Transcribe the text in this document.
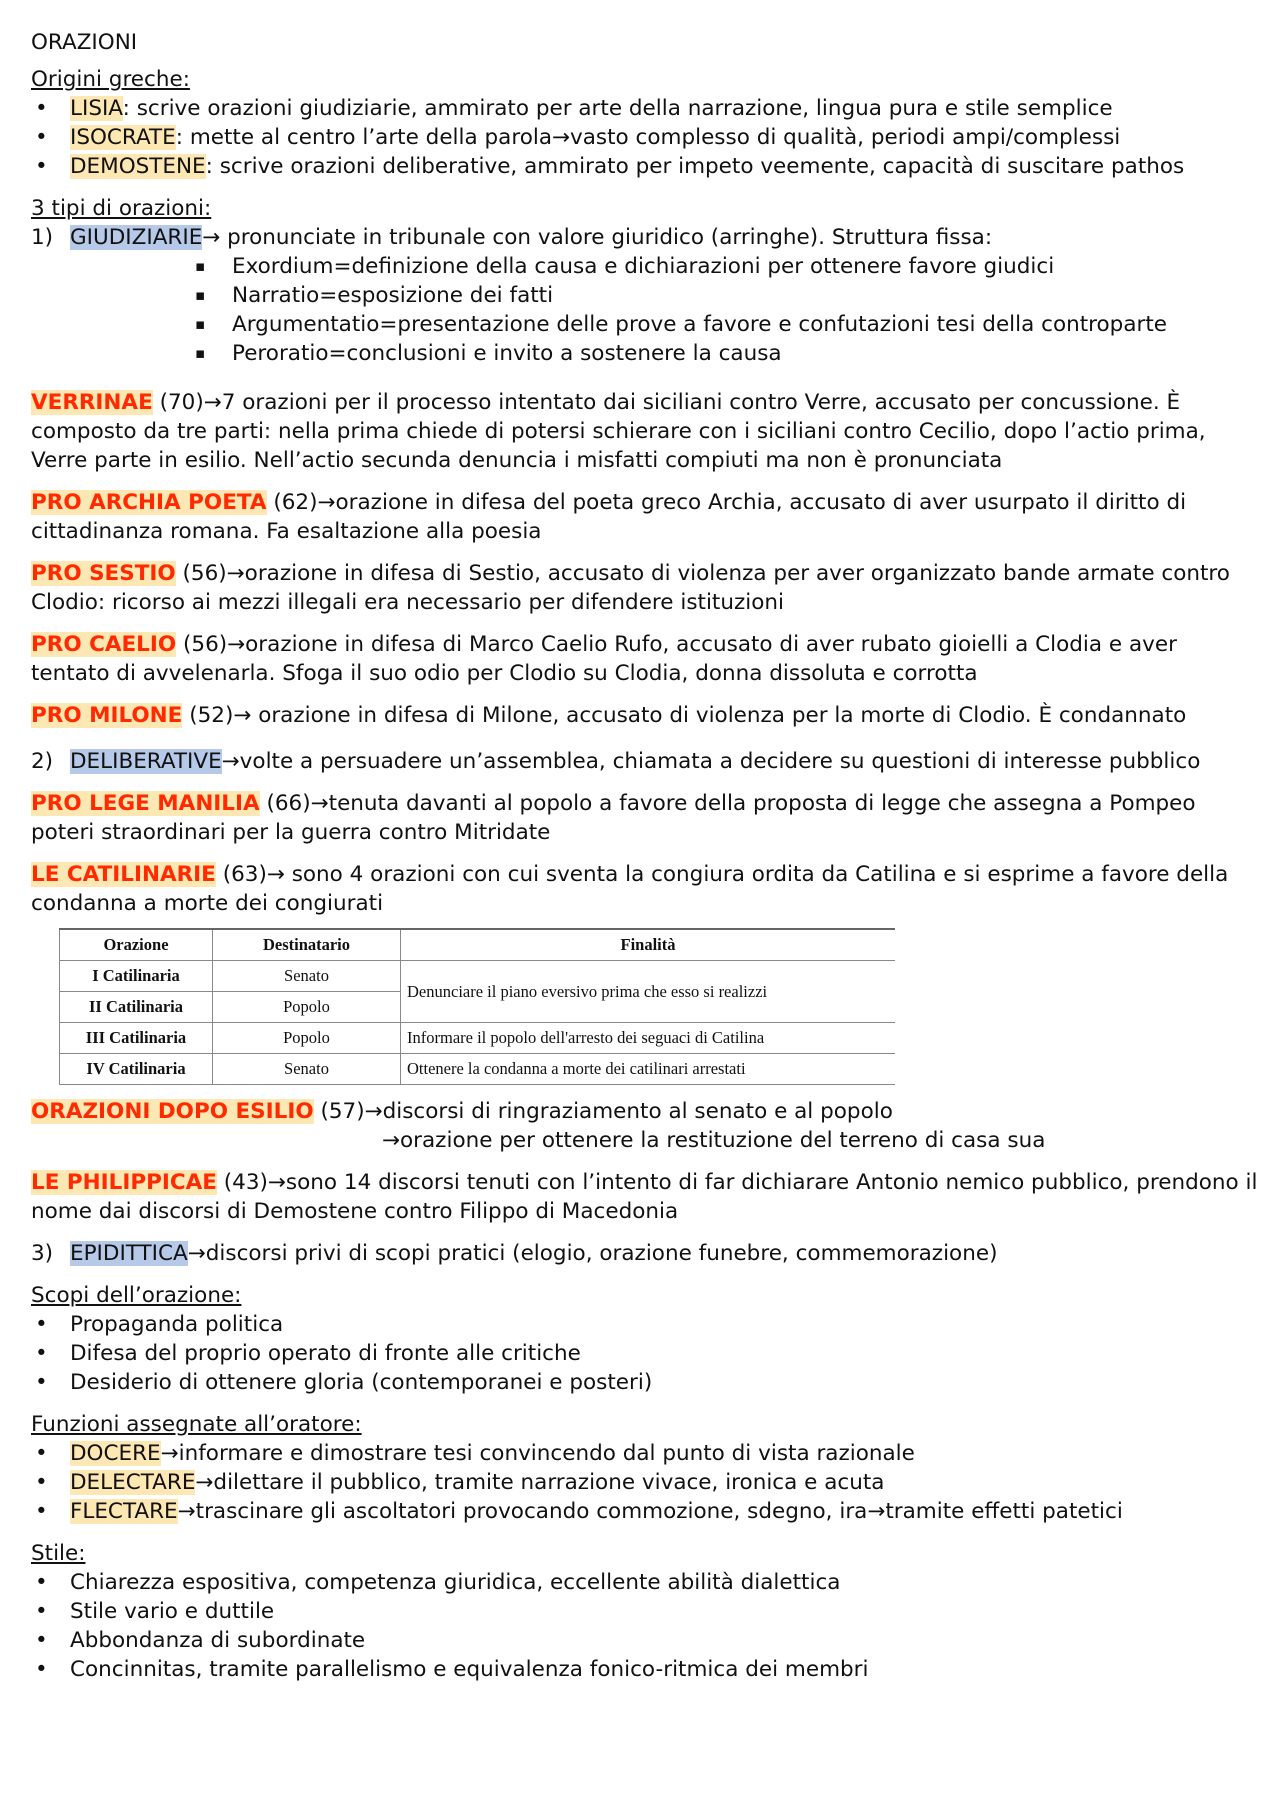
ORAZIONI
Origini greche:
• LISIA: scrive orazioni giudiziarie, ammirato per arte della narrazione, lingua pura e stile semplice
• ISOCRATE: mette al centro l’arte della parola→vasto complesso di qualità, periodi ampi/complessi
• DEMOSTENE: scrive orazioni deliberative, ammirato per impeto veemente, capacità di suscitare pathos
3 tipi di orazioni:
1) GIUDIZIARIE→ pronunciate in tribunale con valore giuridico (arringhe). Struttura fissa:
▪ Exordium=definizione della causa e dichiarazioni per ottenere favore giudici
▪ Narratio=esposizione dei fatti
▪ Argumentatio=presentazione delle prove a favore e confutazioni tesi della controparte
▪ Peroratio=conclusioni e invito a sostenere la causa
VERRINAE (70)→7 orazioni per il processo intentato dai siciliani contro Verre, accusato per concussione. È composto da tre parti: nella prima chiede di potersi schierare con i siciliani contro Cecilio, dopo l’actio prima, Verre parte in esilio. Nell’actio secunda denuncia i misfatti compiuti ma non è pronunciata
PRO ARCHIA POETA (62)→orazione in difesa del poeta greco Archia, accusato di aver usurpato il diritto di cittadinanza romana. Fa esaltazione alla poesia
PRO SESTIO (56)→orazione in difesa di Sestio, accusato di violenza per aver organizzato bande armate contro Clodio: ricorso ai mezzi illegali era necessario per difendere istituzioni
PRO CAELIO (56)→orazione in difesa di Marco Caelio Rufo, accusato di aver rubato gioielli a Clodia e aver tentato di avvelenarla. Sfoga il suo odio per Clodio su Clodia, donna dissoluta e corrotta
PRO MILONE (52)→ orazione in difesa di Milone, accusato di violenza per la morte di Clodio. È condannato
2) DELIBERATIVE→volte a persuadere un’assemblea, chiamata a decidere su questioni di interesse pubblico
PRO LEGE MANILIA (66)→tenuta davanti al popolo a favore della proposta di legge che assegna a Pompeo poteri straordinari per la guerra contro Mitridate
LE CATILINARIE (63)→ sono 4 orazioni con cui sventa la congiura ordita da Catilina e si esprime a favore della condanna a morte dei congiurati
Orazione	Destinatario	Finalità
I Catilinaria	Senato	Denunciare il piano eversivo prima che esso si realizzi
II Catilinaria	Popolo	
III Catilinaria	Popolo	Informare il popolo dell'arresto dei seguaci di Catilina
IV Catilinaria	Senato	Ottenere la condanna a morte dei catilinari arrestati
ORAZIONI DOPO ESILIO (57)→discorsi di ringraziamento al senato e al popolo
→orazione per ottenere la restituzione del terreno di casa sua
LE PHILIPPICAE (43)→sono 14 discorsi tenuti con l’intento di far dichiarare Antonio nemico pubblico, prendono il nome dai discorsi di Demostene contro Filippo di Macedonia
3) EPIDITTICA→discorsi privi di scopi pratici (elogio, orazione funebre, commemorazione)
Scopi dell’orazione:
• Propaganda politica
• Difesa del proprio operato di fronte alle critiche
• Desiderio di ottenere gloria (contemporanei e posteri)
Funzioni assegnate all’oratore:
• DOCERE→informare e dimostrare tesi convincendo dal punto di vista razionale
• DELECTARE→dilettare il pubblico, tramite narrazione vivace, ironica e acuta
• FLECTARE→trascinare gli ascoltatori provocando commozione, sdegno, ira→tramite effetti patetici
Stile:
• Chiarezza espositiva, competenza giuridica, eccellente abilità dialettica
• Stile vario e duttile
• Abbondanza di subordinate
• Concinnitas, tramite parallelismo e equivalenza fonico-ritmica dei membri
